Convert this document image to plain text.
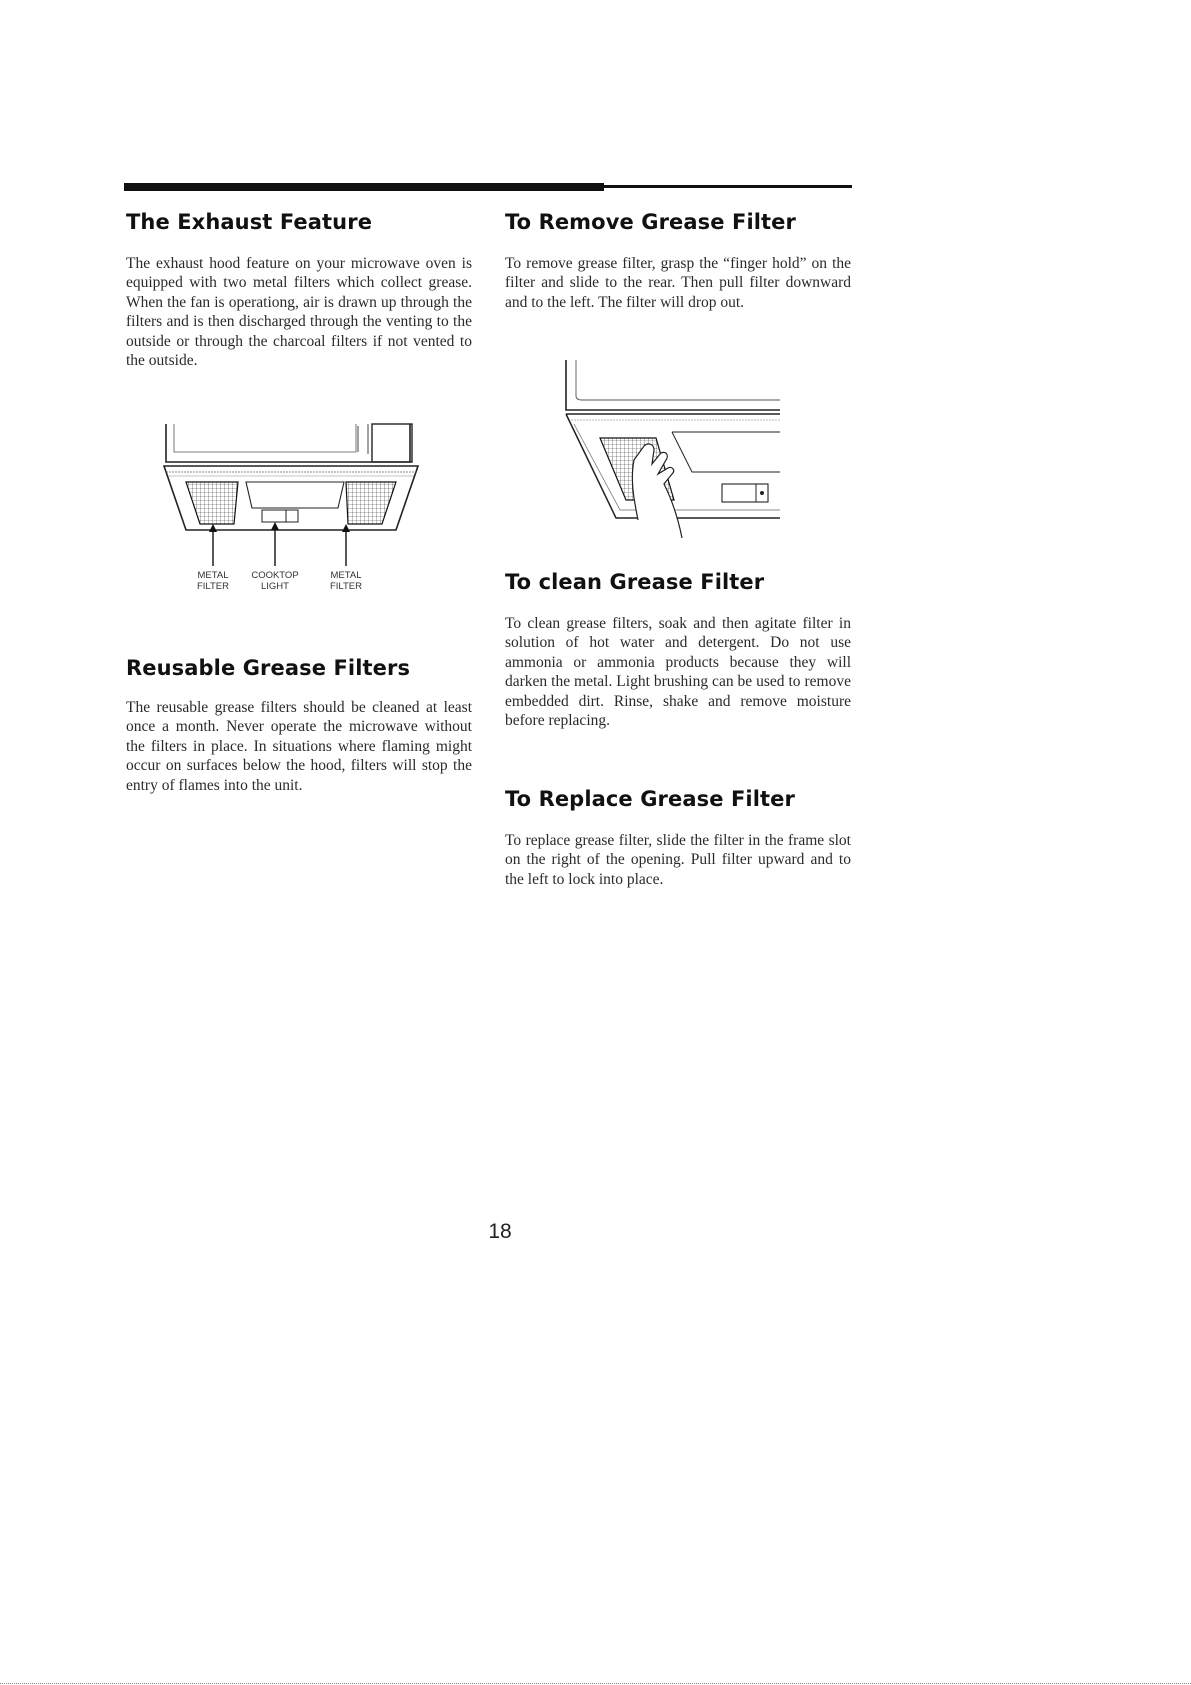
The Exhaust Feature

The exhaust hood feature on your microwave oven is equipped with two metal filters which collect grease. When the fan is operationg, air is drawn up through the filters and is then discharged through the venting to the outside or through the charcoal filters if not vented to the outside.

METAL
FILTER
COOKTOP
LIGHT
METAL
FILTER
Reusable Grease Filters

The reusable grease filters should be cleaned at least once a month. Never operate the microwave without the filters in place. In situations where flaming might occur on surfaces below the hood, filters will stop the entry of flames into the unit.

To Remove Grease Filter

To remove grease filter, grasp the “finger hold” on the filter and slide to the rear. Then pull filter downward and to the left. The filter will drop out.

To clean Grease Filter

To clean grease filters, soak and then agitate filter in solution of hot water and detergent. Do not use ammonia or ammonia products because they will darken the metal. Light brushing can be used to remove embedded dirt. Rinse, shake and remove moisture before replacing.

To Replace Grease Filter

To replace grease filter, slide the filter in the frame slot on the right of the opening. Pull filter upward and to the left to lock into place.

18
